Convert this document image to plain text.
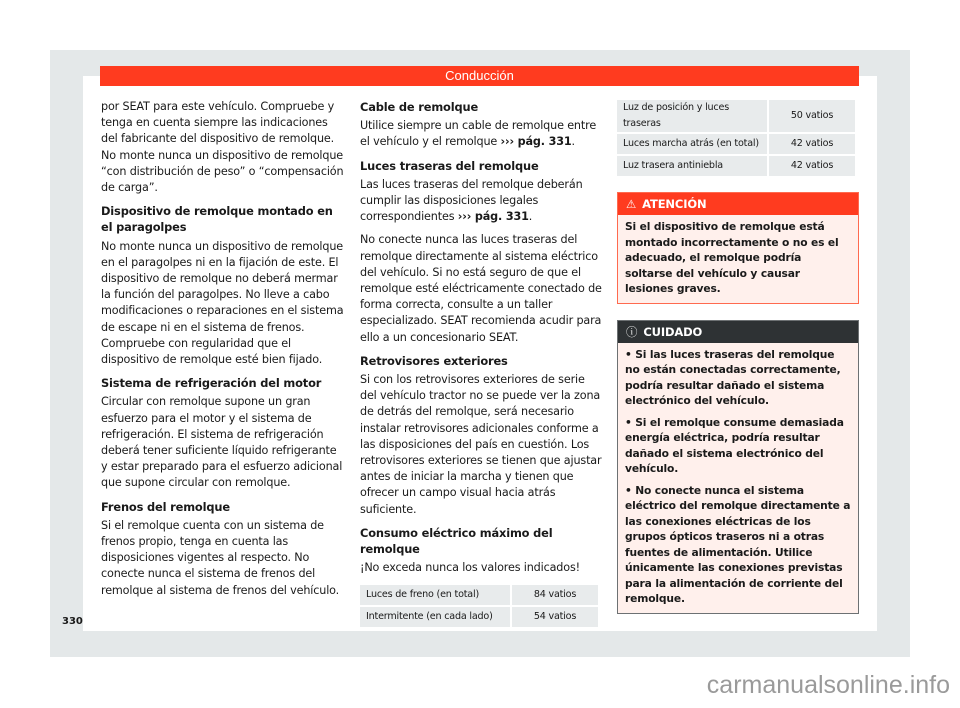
Conducción

por SEAT para este vehículo. Compruebe y tenga en cuenta siempre las indicaciones del fabricante del dispositivo de remolque. No monte nunca un dispositivo de remolque “con distribución de peso” o “compensación de carga”.

Dispositivo de remolque montado en el paragolpes

No monte nunca un dispositivo de remolque en el paragolpes ni en la fijación de este. El dispositivo de remolque no deberá mermar la función del paragolpes. No lleve a cabo modificaciones o reparaciones en el sistema de escape ni en el sistema de frenos. Compruebe con regularidad que el dispositivo de remolque esté bien fijado.

Sistema de refrigeración del motor

Circular con remolque supone un gran esfuerzo para el motor y el sistema de refrigeración. El sistema de refrigeración deberá tener suficiente líquido refrigerante y estar preparado para el esfuerzo adicional que supone circular con remolque.

Frenos del remolque

Si el remolque cuenta con un sistema de frenos propio, tenga en cuenta las disposiciones vigentes al respecto. No conecte nunca el sistema de frenos del remolque al sistema de frenos del vehículo.

Cable de remolque

Utilice siempre un cable de remolque entre el vehículo y el remolque ››› pág. 331.

Luces traseras del remolque

Las luces traseras del remolque deberán cumplir las disposiciones legales correspondientes ››› pág. 331.

No conecte nunca las luces traseras del remolque directamente al sistema eléctrico del vehículo. Si no está seguro de que el remolque esté eléctricamente conectado de forma correcta, consulte a un taller especializado. SEAT recomienda acudir para ello a un concesionario SEAT.

Retrovisores exteriores

Si con los retrovisores exteriores de serie del vehículo tractor no se puede ver la zona de detrás del remolque, será necesario instalar retrovisores adicionales conforme a las disposiciones del país en cuestión. Los retrovisores exteriores se tienen que ajustar antes de iniciar la marcha y tienen que ofrecer un campo visual hacia atrás suficiente.

Consumo eléctrico máximo del remolque

¡No exceda nunca los valores indicados!

Luces de freno (en total)	84 vatios
Intermitente (en cada lado)	54 vatios
Luz de posición y luces traseras	50 vatios
Luces marcha atrás (en total)	42 vatios
Luz trasera antiniebla	42 vatios
⚠ ATENCIÓN
Si el dispositivo de remolque está montado incorrectamente o no es el adecuado, el remolque podría soltarse del vehículo y causar lesiones graves.
ⓘ CUIDADO

• Si las luces traseras del remolque no están conectadas correctamente, podría resultar dañado el sistema electrónico del vehículo.

• Si el remolque consume demasiada energía eléctrica, podría resultar dañado el sistema electrónico del vehículo.

• No conecte nunca el sistema eléctrico del remolque directamente a las conexiones eléctricas de los grupos ópticos traseros ni a otras fuentes de alimentación. Utilice únicamente las conexiones previstas para la alimentación de corriente del remolque.

330
carmanualsonline.info
